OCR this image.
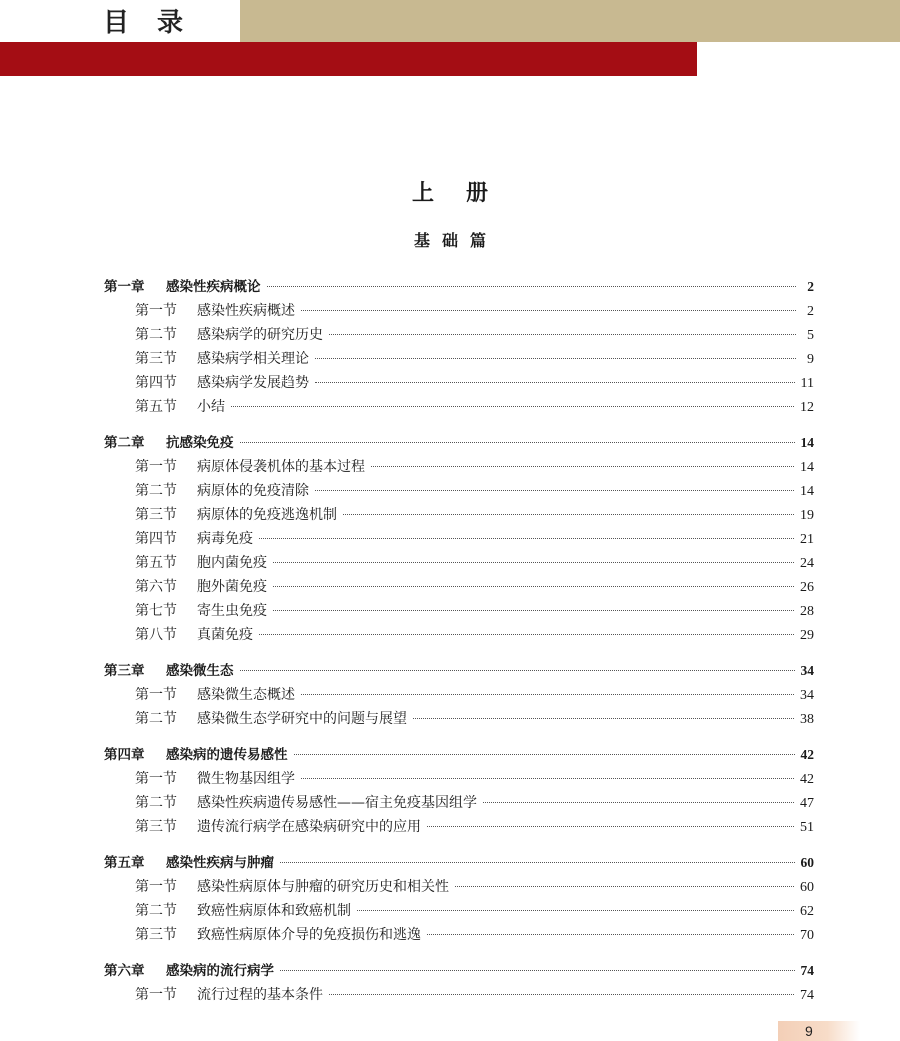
目录
上册
基础篇
第一章	感染性疾病概论	2
第一节	感染性疾病概述	2
第二节	感染病学的研究历史	5
第三节	感染病学相关理论	9
第四节	感染病学发展趋势	11
第五节	小结	12
第二章	抗感染免疫	14
第一节	病原体侵袭机体的基本过程	14
第二节	病原体的免疫清除	14
第三节	病原体的免疫逃逸机制	19
第四节	病毒免疫	21
第五节	胞内菌免疫	24
第六节	胞外菌免疫	26
第七节	寄生虫免疫	28
第八节	真菌免疫	29
第三章	感染微生态	34
第一节	感染微生态概述	34
第二节	感染微生态学研究中的问题与展望	38
第四章	感染病的遗传易感性	42
第一节	微生物基因组学	42
第二节	感染性疾病遗传易感性——宿主免疫基因组学	47
第三节	遗传流行病学在感染病研究中的应用	51
第五章	感染性疾病与肿瘤	60
第一节	感染性病原体与肿瘤的研究历史和相关性	60
第二节	致癌性病原体和致癌机制	62
第三节	致癌性病原体介导的免疫损伤和逃逸	70
第六章	感染病的流行病学	74
第一节	流行过程的基本条件	74
9
